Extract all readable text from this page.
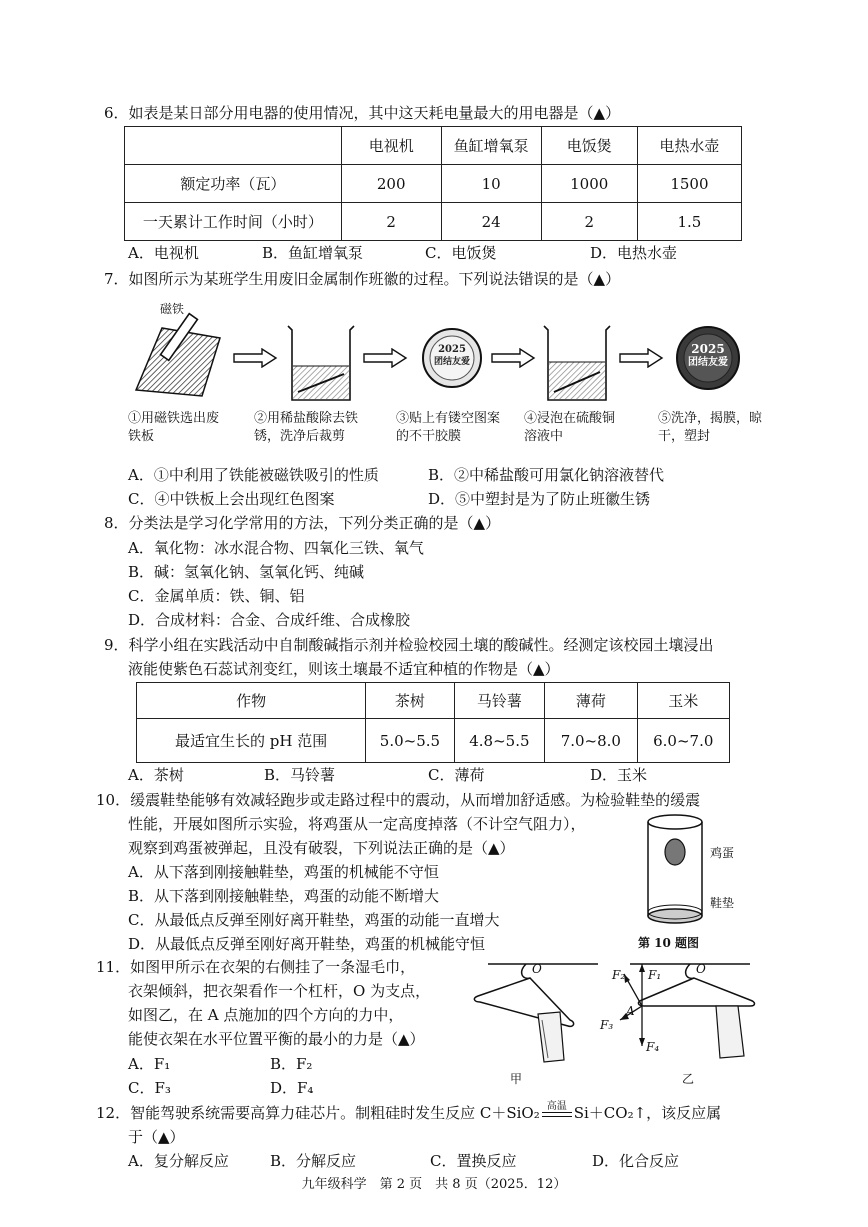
6．如表是某日部分用电器的使用情况，其中这天耗电量最大的用电器是（▲）
	电视机	鱼缸增氧泵	电饭煲	电热水壶
额定功率（瓦）	200	10	1000	1500
一天累计工作时间（小时）	2	24	2	1.5
A．电视机	B．鱼缸增氧泵	C．电饭煲	D．电热水壶
7．如图所示为某班学生用废旧金属制作班徽的过程。下列说法错误的是（▲）
磁铁
2025
团结友爱
2025
团结友爱
①用磁铁选出废铁板
②用稀盐酸除去铁锈，洗净后裁剪
③贴上有镂空图案的不干胶膜
④浸泡在硫酸铜溶液中
⑤洗净，揭膜，晾干，塑封
A．①中利用了铁能被磁铁吸引的性质	B．②中稀盐酸可用氯化钠溶液替代
C．④中铁板上会出现红色图案	D．⑤中塑封是为了防止班徽生锈
8．分类法是学习化学常用的方法，下列分类正确的是（▲）
A．氧化物：冰水混合物、四氧化三铁、氧气
B．碱：氢氧化钠、氢氧化钙、纯碱
C．金属单质：铁、铜、铝
D．合成材料：合金、合成纤维、合成橡胶
9．科学小组在实践活动中自制酸碱指示剂并检验校园土壤的酸碱性。经测定该校园土壤浸出
液能使紫色石蕊试剂变红，则该土壤最不适宜种植的作物是（▲）
作物	茶树	马铃薯	薄荷	玉米
最适宜生长的 pH 范围	5.0~5.5	4.8~5.5	7.0~8.0	6.0~7.0
A．茶树	B．马铃薯	C．薄荷	D．玉米
10．缓震鞋垫能够有效减轻跑步或走路过程中的震动，从而增加舒适感。为检验鞋垫的缓震
性能，开展如图所示实验，将鸡蛋从一定高度掉落（不计空气阻力），
观察到鸡蛋被弹起，且没有破裂，下列说法正确的是（▲）
A．从下落到刚接触鞋垫，鸡蛋的机械能不守恒
B．从下落到刚接触鞋垫，鸡蛋的动能不断增大
C．从最低点反弹至刚好离开鞋垫，鸡蛋的动能一直增大
D．从最低点反弹至刚好离开鞋垫，鸡蛋的机械能守恒
鸡蛋
鞋垫
第 10 题图
11．如图甲所示在衣架的右侧挂了一条湿毛巾，
衣架倾斜，把衣架看作一个杠杆，O 为支点，
如图乙，在 A 点施加的四个方向的力中，
能使衣架在水平位置平衡的最小的力是（▲）
A．F₁	B．F₂
C．F₃	D．F₄
O
甲
F₁
F₂
F₃
F₄
A
O
乙
12．智能驾驶系统需要高算力硅芯片。制粗硅时发生反应 C＋SiO₂ 高温 Si＋CO₂↑，该反应属
于（▲）
A．复分解反应	B．分解反应	C．置换反应	D．化合反应
九年级科学　第 2 页　共 8 页（2025．12）
